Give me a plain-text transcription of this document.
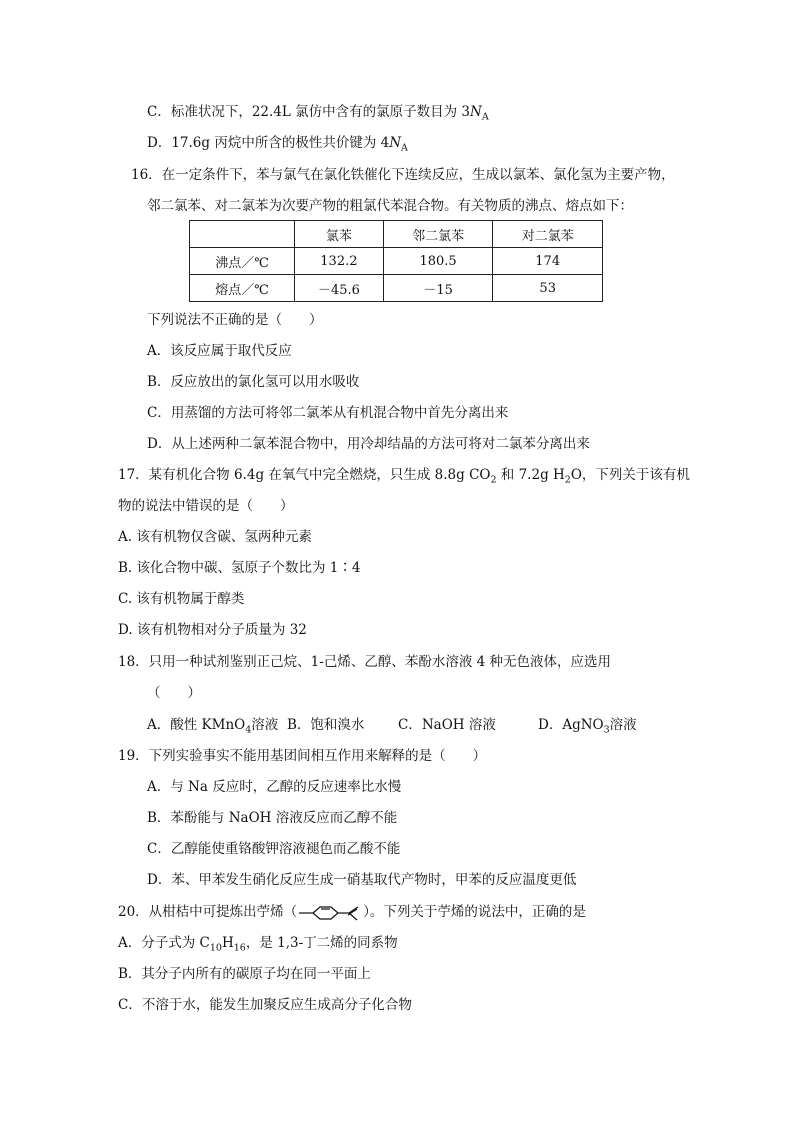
C．标准状况下，22.4L 氯仿中含有的氯原子数目为 $3N_A$
D．17.6g 丙烷中所含的极性共价键为 $4N_A$
16．在一定条件下，苯与氯气在氯化铁催化下连续反应，生成以氯苯、氯化氢为主要产物，
邻二氯苯、对二氯苯为次要产物的粗氯代苯混合物。有关物质的沸点、熔点如下：
	氯苯	邻二氯苯	对二氯苯
沸点／℃	132.2	180.5	174
熔点／℃	－45.6	－15	53
下列说法不正确的是（　　）
A．该反应属于取代反应
B．反应放出的氯化氢可以用水吸收
C．用蒸馏的方法可将邻二氯苯从有机混合物中首先分离出来
D．从上述两种二氯苯混合物中，用冷却结晶的方法可将对二氯苯分离出来
17．某有机化合物 6.4g 在氧气中完全燃烧，只生成 8.8g $CO_2$ 和 7.2g $H_2O$，下列关于该有机
物的说法中错误的是（　　）
A. 该有机物仅含碳、氢两种元素
B. 该化合物中碳、氢原子个数比为 1∶4
C. 该有机物属于醇类
D. 该有机物相对分子质量为 32
18．只用一种试剂鉴别正己烷、1-己烯、乙醇、苯酚水溶液 4 种无色液体，应选用
（　　）
A．酸性 KMnO$_4$溶液 B．饱和溴水 C．NaOH 溶液	D．AgNO$_3$溶液
19．下列实验事实不能用基团间相互作用来解释的是（　　）
A．与 Na 反应时，乙醇的反应速率比水慢
B．苯酚能与 NaOH 溶液反应而乙醇不能
C．乙醇能使重铬酸钾溶液褪色而乙酸不能
D．苯、甲苯发生硝化反应生成一硝基取代产物时，甲苯的反应温度更低
20．从柑桔中可提炼出苧烯（	）。下列关于苧烯的说法中，正确的是
A．分子式为 $C_{10}H_{16}$，是 1,3-丁二烯的同系物
B．其分子内所有的碳原子均在同一平面上
C．不溶于水，能发生加聚反应生成高分子化合物
